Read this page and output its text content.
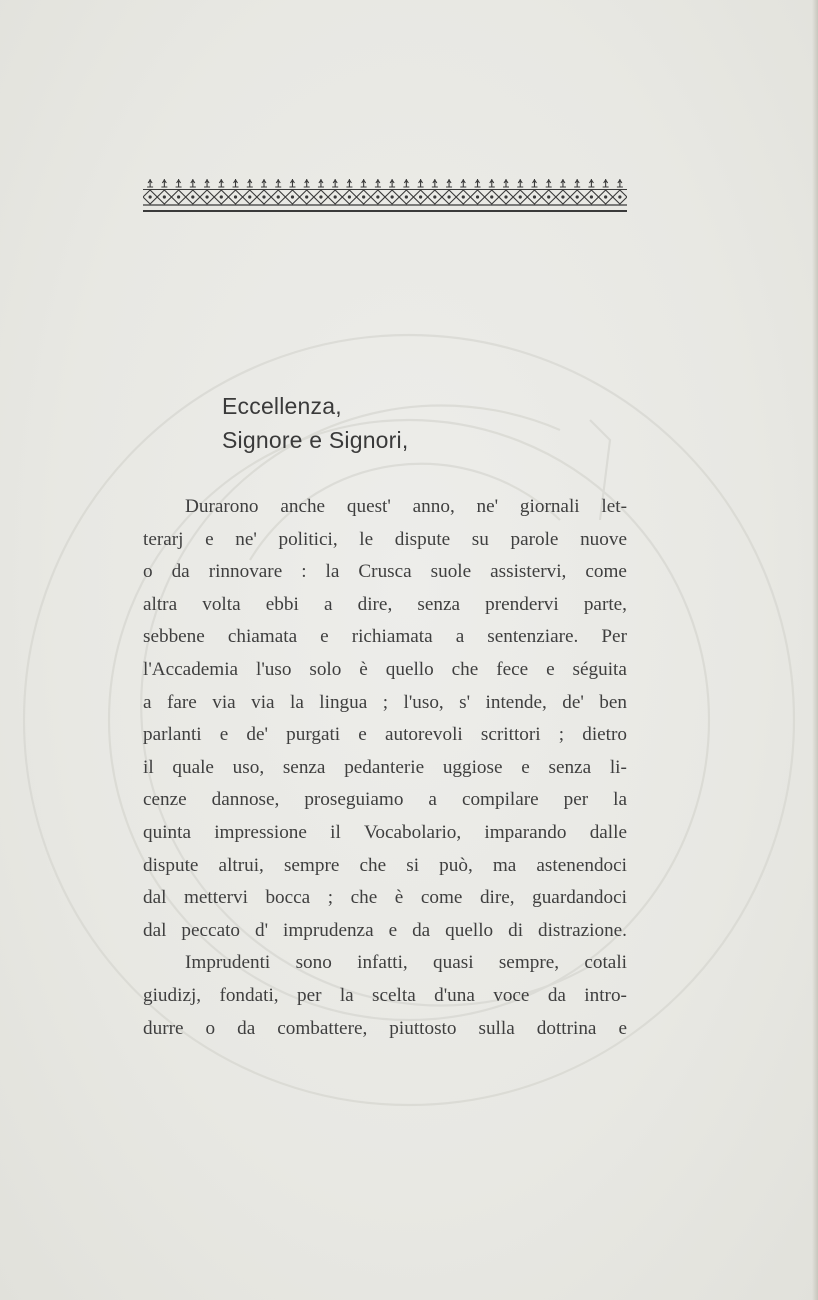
Eccellenza,
Signore e Signori,
Durarono anche quest' anno, ne' giornali let-
terarj e ne' politici, le dispute su parole nuove
o da rinnovare : la Crusca suole assistervi, come
altra volta ebbi a dire, senza prendervi parte,
sebbene chiamata e richiamata a sentenziare. Per
l'Accademia l'uso solo è quello che fece e séguita
a fare via via la lingua ; l'uso, s' intende, de' ben
parlanti e de' purgati e autorevoli scrittori ; dietro
il quale uso, senza pedanterie uggiose e senza li-
cenze dannose, proseguiamo a compilare per la
quinta impressione il Vocabolario, imparando dalle
dispute altrui, sempre che si può, ma astenendoci
dal mettervi bocca ; che è come dire, guardandoci
dal peccato d' imprudenza e da quello di distrazione.
Imprudenti sono infatti, quasi sempre, cotali
giudizj, fondati, per la scelta d'una voce da intro-
durre o da combattere, piuttosto sulla dottrina e
